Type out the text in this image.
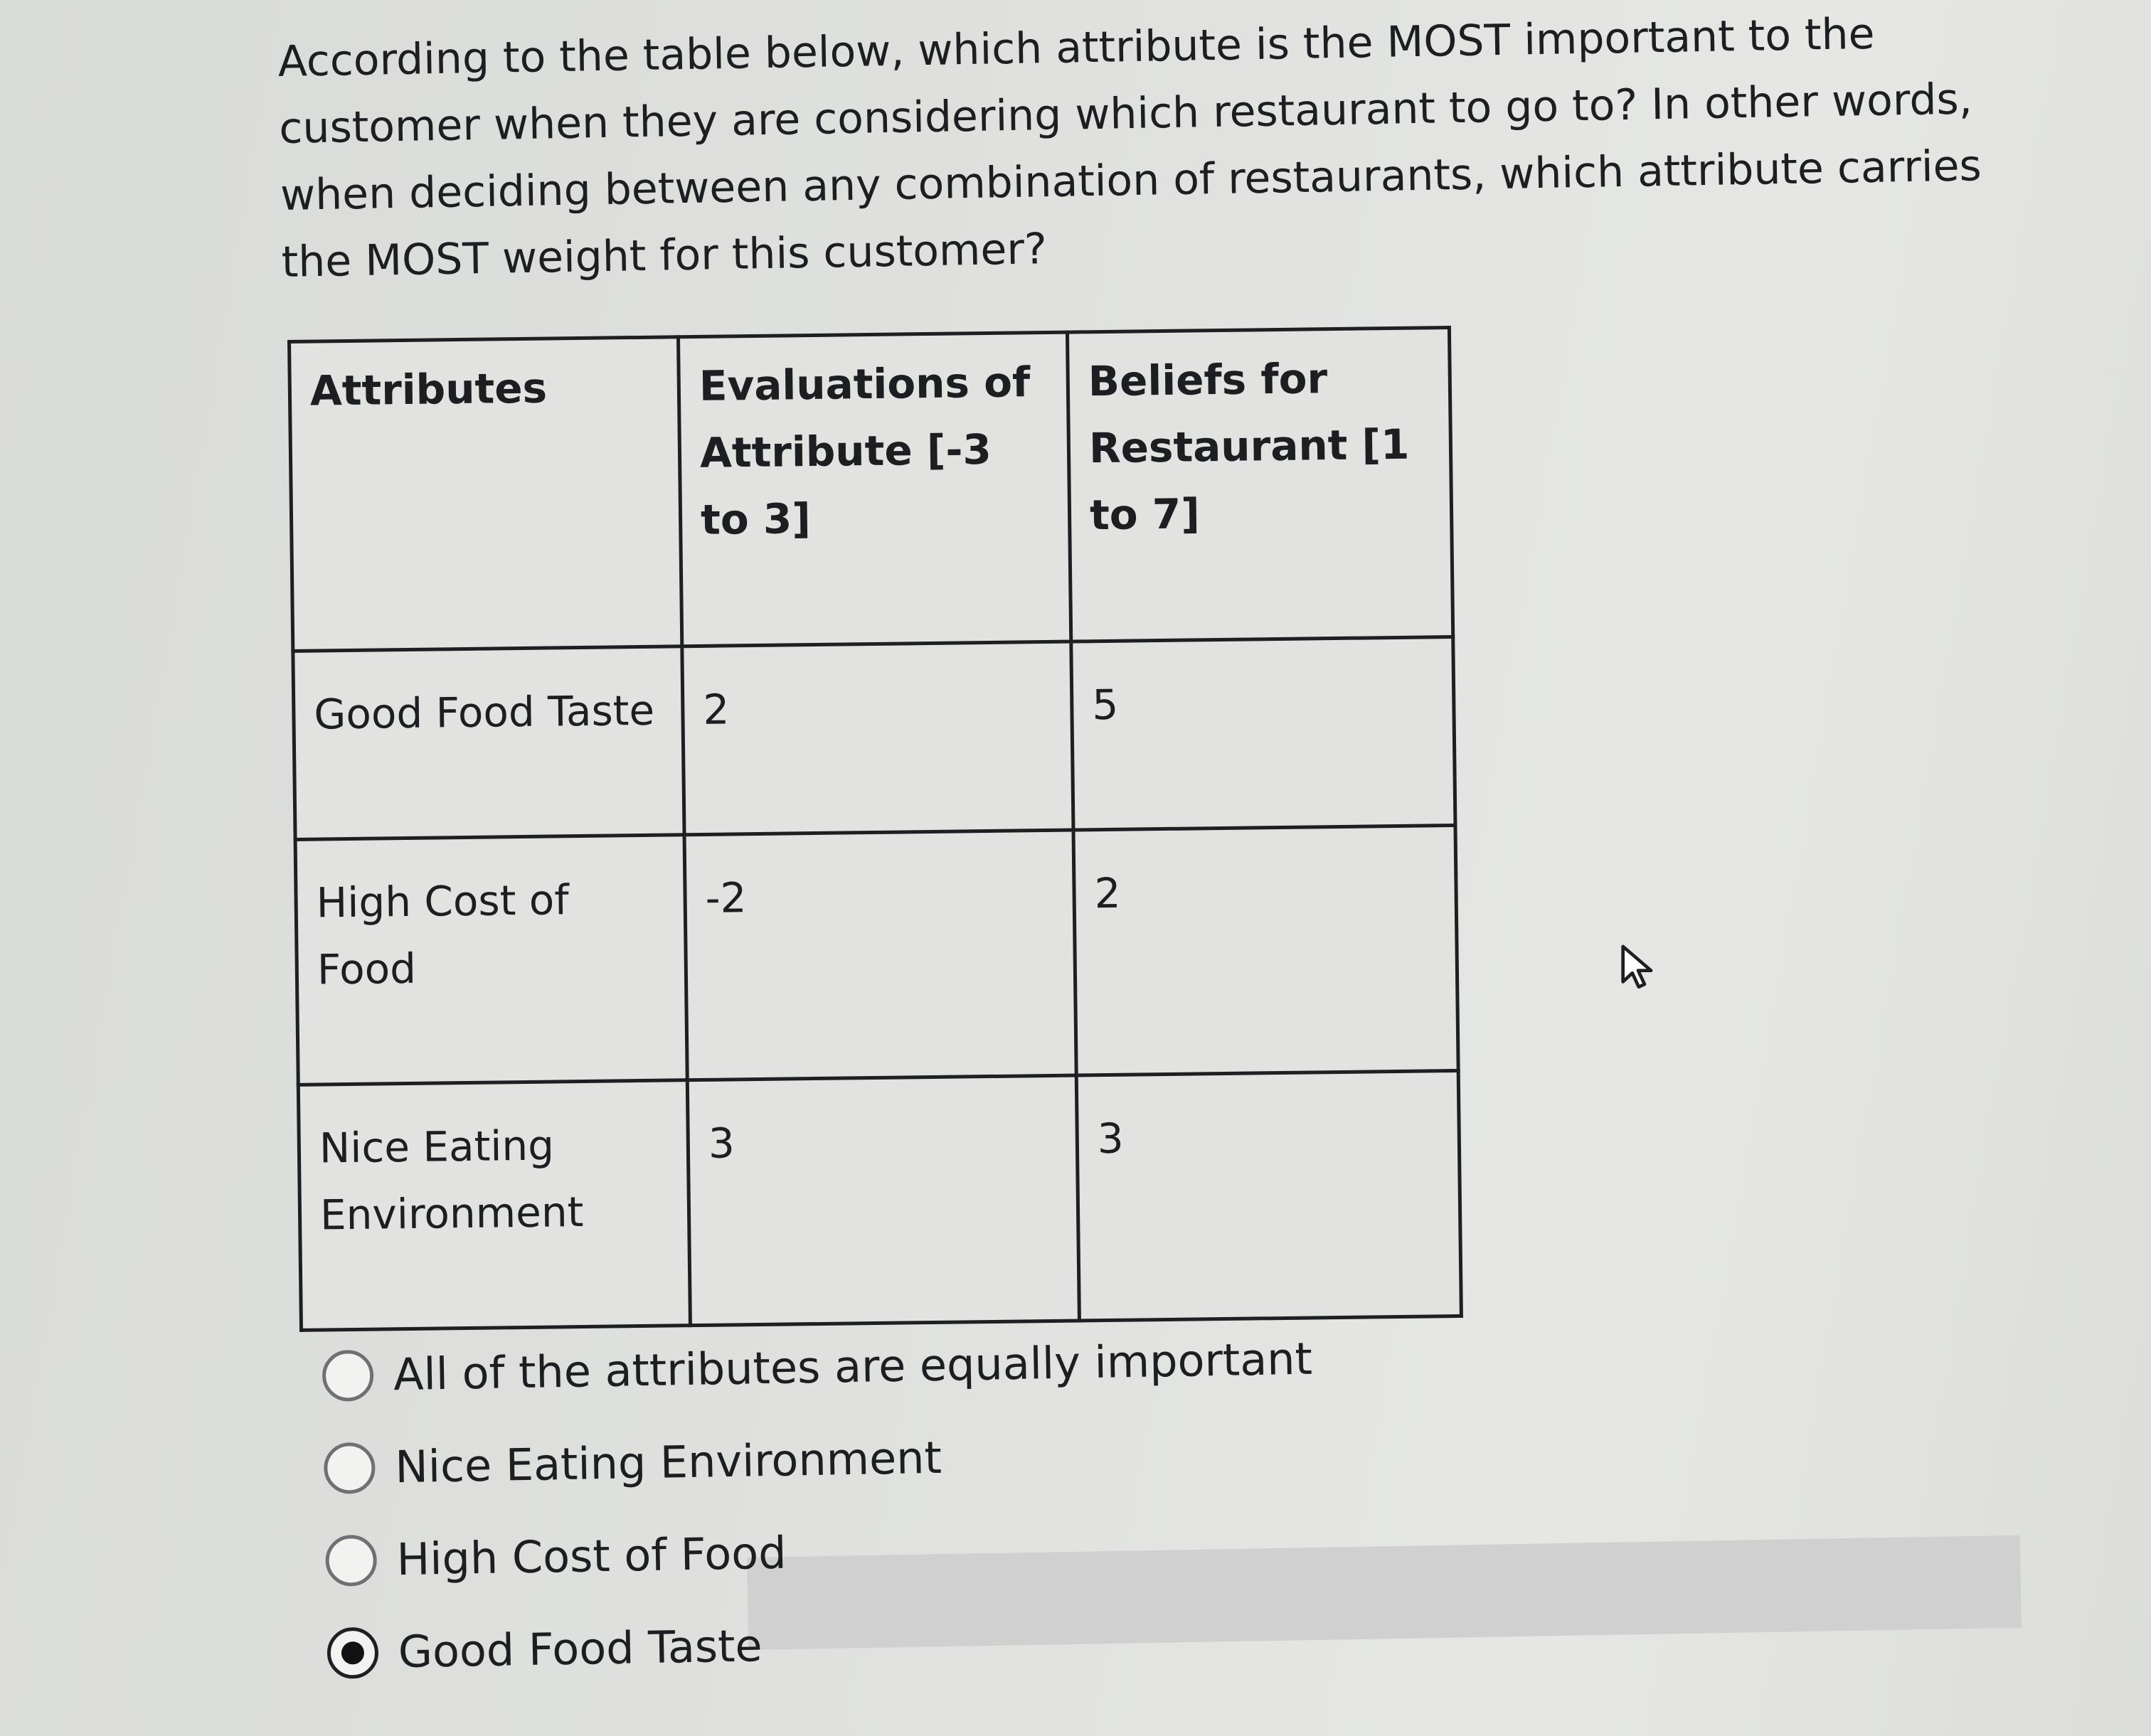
According to the table below, which attribute is the MOST important to the customer when they are considering which restaurant to go to? In other words, when deciding between any combination of restaurants, which attribute carries the MOST weight for this customer?

Attributes	Evaluations of Attribute [-3 to 3]	Beliefs for Restaurant [1 to 7]
Good Food Taste	2	5
High Cost of Food	-2	2
Nice Eating Environment	3	3
All of the attributes are equally important
Nice Eating Environment
High Cost of Food
Good Food Taste
